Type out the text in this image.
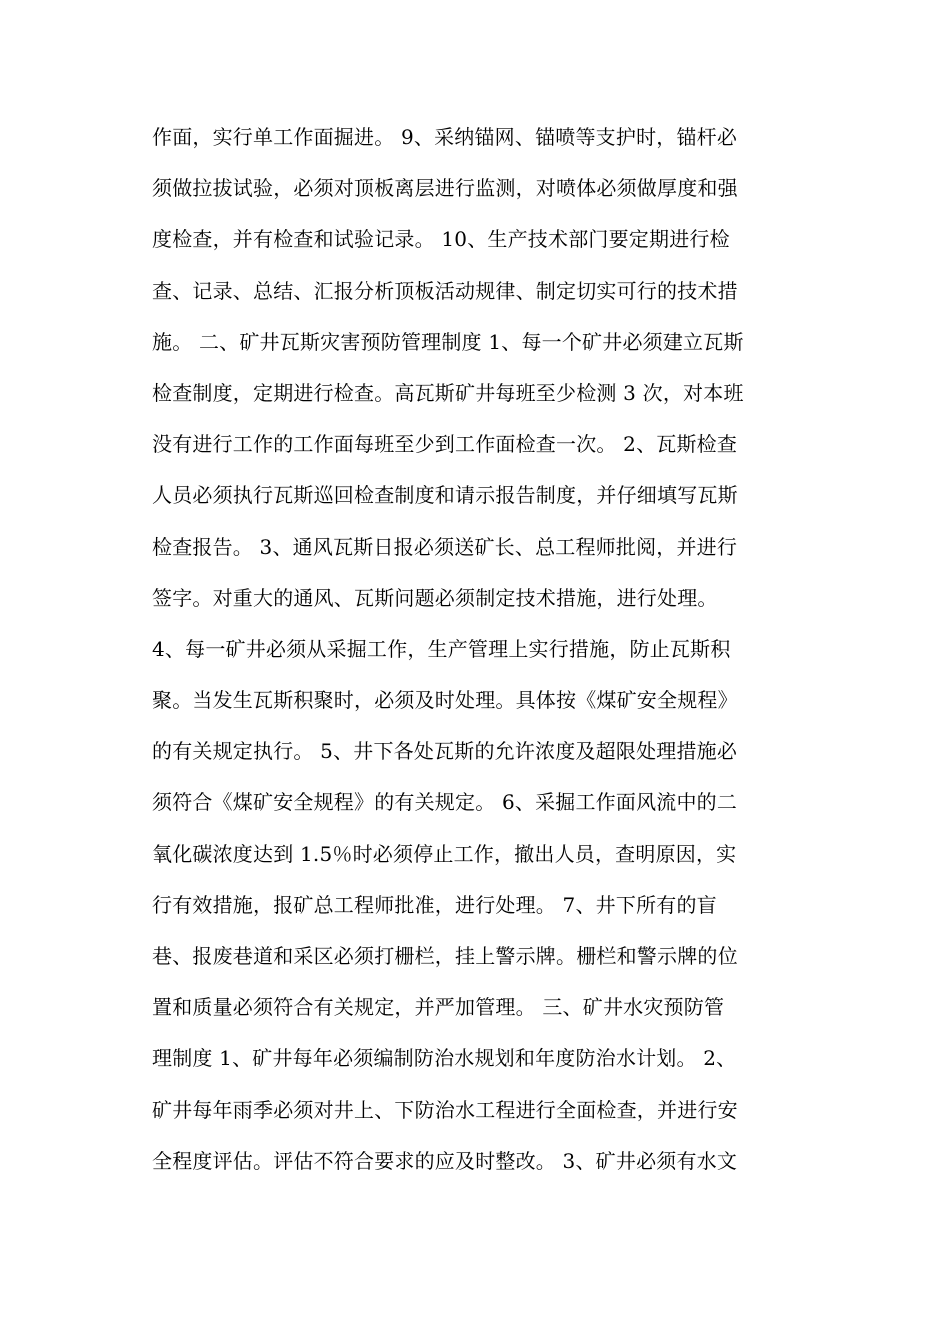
作面，实行单工作面掘进。 9、采纳锚网、锚喷等支护时，锚杆必
须做拉拔试验，必须对顶板离层进行监测，对喷体必须做厚度和强
度检查，并有检查和试验记录。 10、生产技术部门要定期进行检
查、记录、总结、汇报分析顶板活动规律、制定切实可行的技术措
施。 二、矿井瓦斯灾害预防管理制度 1、每一个矿井必须建立瓦斯
检查制度，定期进行检查。高瓦斯矿井每班至少检测 3 次，对本班
没有进行工作的工作面每班至少到工作面检查一次。 2、瓦斯检查
人员必须执行瓦斯巡回检查制度和请示报告制度，并仔细填写瓦斯
检查报告。 3、通风瓦斯日报必须送矿长、总工程师批阅，并进行
签字。对重大的通风、瓦斯问题必须制定技术措施，进行处理。
4、每一矿井必须从采掘工作，生产管理上实行措施，防止瓦斯积
聚。当发生瓦斯积聚时，必须及时处理。具体按《煤矿安全规程》
的有关规定执行。 5、井下各处瓦斯的允许浓度及超限处理措施必
须符合《煤矿安全规程》的有关规定。 6、采掘工作面风流中的二
氧化碳浓度达到 1.5％时必须停止工作，撤出人员，查明原因，实
行有效措施，报矿总工程师批准，进行处理。 7、井下所有的盲
巷、报废巷道和采区必须打栅栏，挂上警示牌。栅栏和警示牌的位
置和质量必须符合有关规定，并严加管理。 三、矿井水灾预防管
理制度 1、矿井每年必须编制防治水规划和年度防治水计划。 2、
矿井每年雨季必须对井上、下防治水工程进行全面检查，并进行安
全程度评估。评估不符合要求的应及时整改。 3、矿井必须有水文
